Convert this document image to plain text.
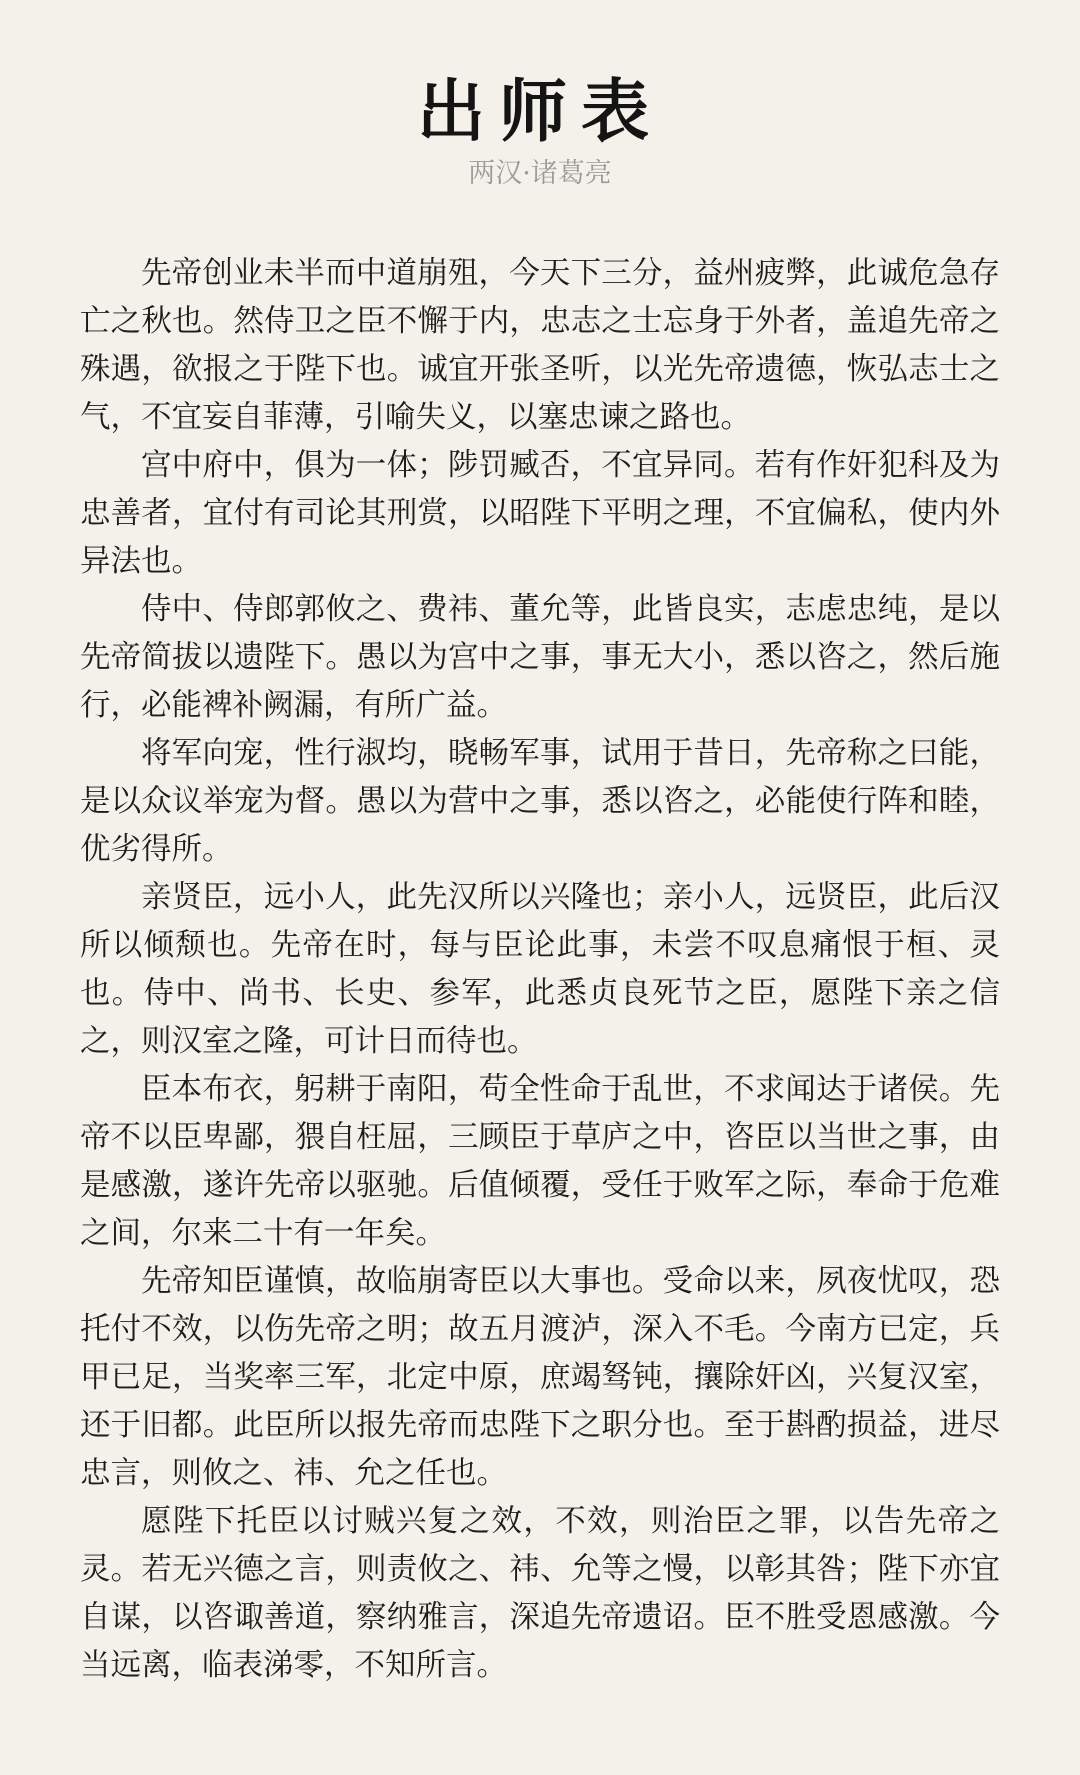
出师表
两汉·诸葛亮

先帝创业未半而中道崩殂，今天下三分，益州疲弊，此诚危急存亡之秋也。然侍卫之臣不懈于内，忠志之士忘身于外者，盖追先帝之殊遇，欲报之于陛下也。诚宜开张圣听，以光先帝遗德，恢弘志士之气，不宜妄自菲薄，引喻失义，以塞忠谏之路也。

宫中府中，俱为一体；陟罚臧否，不宜异同。若有作奸犯科及为忠善者，宜付有司论其刑赏，以昭陛下平明之理，不宜偏私，使内外异法也。

侍中、侍郎郭攸之、费祎、董允等，此皆良实，志虑忠纯，是以先帝简拔以遗陛下。愚以为宫中之事，事无大小，悉以咨之，然后施行，必能裨补阙漏，有所广益。

将军向宠，性行淑均，晓畅军事，试用于昔日，先帝称之曰能，是以众议举宠为督。愚以为营中之事，悉以咨之，必能使行阵和睦，优劣得所。

亲贤臣，远小人，此先汉所以兴隆也；亲小人，远贤臣，此后汉所以倾颓也。先帝在时，每与臣论此事，未尝不叹息痛恨于桓、灵也。侍中、尚书、长史、参军，此悉贞良死节之臣，愿陛下亲之信之，则汉室之隆，可计日而待也。

臣本布衣，躬耕于南阳，苟全性命于乱世，不求闻达于诸侯。先帝不以臣卑鄙，猥自枉屈，三顾臣于草庐之中，咨臣以当世之事，由是感激，遂许先帝以驱驰。后值倾覆，受任于败军之际，奉命于危难之间，尔来二十有一年矣。

先帝知臣谨慎，故临崩寄臣以大事也。受命以来，夙夜忧叹，恐托付不效，以伤先帝之明；故五月渡泸，深入不毛。今南方已定，兵甲已足，当奖率三军，北定中原，庶竭驽钝，攘除奸凶，兴复汉室，还于旧都。此臣所以报先帝而忠陛下之职分也。至于斟酌损益，进尽忠言，则攸之、祎、允之任也。

愿陛下托臣以讨贼兴复之效，不效，则治臣之罪，以告先帝之灵。若无兴德之言，则责攸之、祎、允等之慢，以彰其咎；陛下亦宜自谋，以咨诹善道，察纳雅言，深追先帝遗诏。臣不胜受恩感激。今当远离，临表涕零，不知所言。
